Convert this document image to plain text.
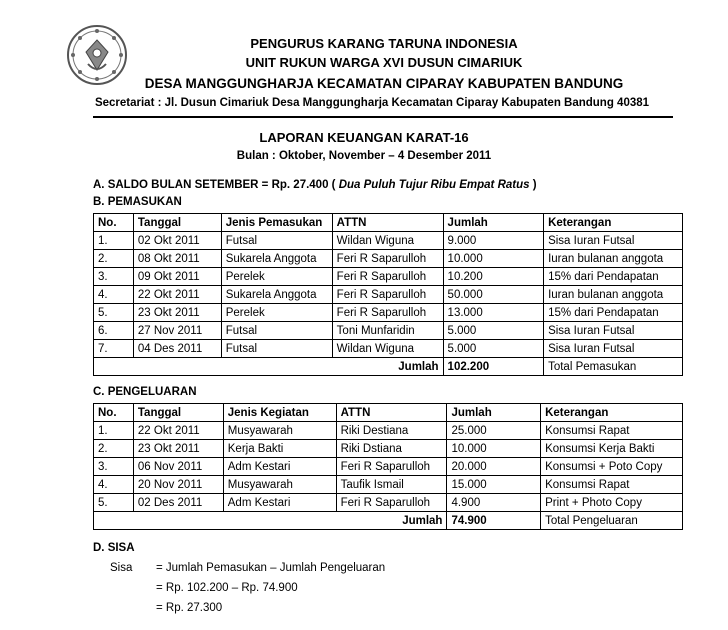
PENGURUS KARANG TARUNA INDONESIA
UNIT RUKUN WARGA XVI DUSUN CIMARIUK
DESA MANGGUNGHARJA KECAMATAN CIPARAY KABUPATEN BANDUNG
Secretariat : Jl. Dusun Cimariuk Desa Manggungharja Kecamatan Ciparay Kabupaten Bandung 40381
LAPORAN KEUANGAN KARAT-16
Bulan : Oktober, November – 4 Desember 2011
A. SALDO BULAN SETEMBER = Rp. 27.400 ( Dua Puluh Tujur Ribu Empat Ratus )
B. PEMASUKAN
No.	Tanggal	Jenis Pemasukan	ATTN	Jumlah	Keterangan
1.	02 Okt 2011	Futsal	Wildan Wiguna	9.000	Sisa Iuran Futsal
2.	08 Okt 2011	Sukarela Anggota	Feri R Saparulloh	10.000	Iuran bulanan anggota
3.	09 Okt 2011	Perelek	Feri R Saparulloh	10.200	15% dari Pendapatan
4.	22 Okt 2011	Sukarela Anggota	Feri R Saparulloh	50.000	Iuran bulanan anggota
5.	23 Okt 2011	Perelek	Feri R Saparulloh	13.000	15% dari Pendapatan
6.	27 Nov 2011	Futsal	Toni Munfaridin	5.000	Sisa Iuran Futsal
7.	04 Des 2011	Futsal	Wildan Wiguna	5.000	Sisa Iuran Futsal
Jumlah				102.200	Total Pemasukan
C. PENGELUARAN
No.	Tanggal	Jenis Kegiatan	ATTN	Jumlah	Keterangan
1.	22 Okt 2011	Musyawarah	Riki Destiana	25.000	Konsumsi Rapat
2.	23 Okt 2011	Kerja Bakti	Riki Dstiana	10.000	Konsumsi Kerja Bakti
3.	06 Nov 2011	Adm Kestari	Feri R Saparulloh	20.000	Konsumsi + Poto Copy
4.	20 Nov 2011	Musyawarah	Taufik Ismail	15.000	Konsumsi Rapat
5.	02 Des 2011	Adm Kestari	Feri R Saparulloh	4.900	Print + Photo Copy
Jumlah				74.900	Total Pengeluaran
D. SISA
Sisa = Jumlah Pemasukan – Jumlah Pengeluaran
= Rp. 102.200 – Rp. 74.900
= Rp. 27.300
